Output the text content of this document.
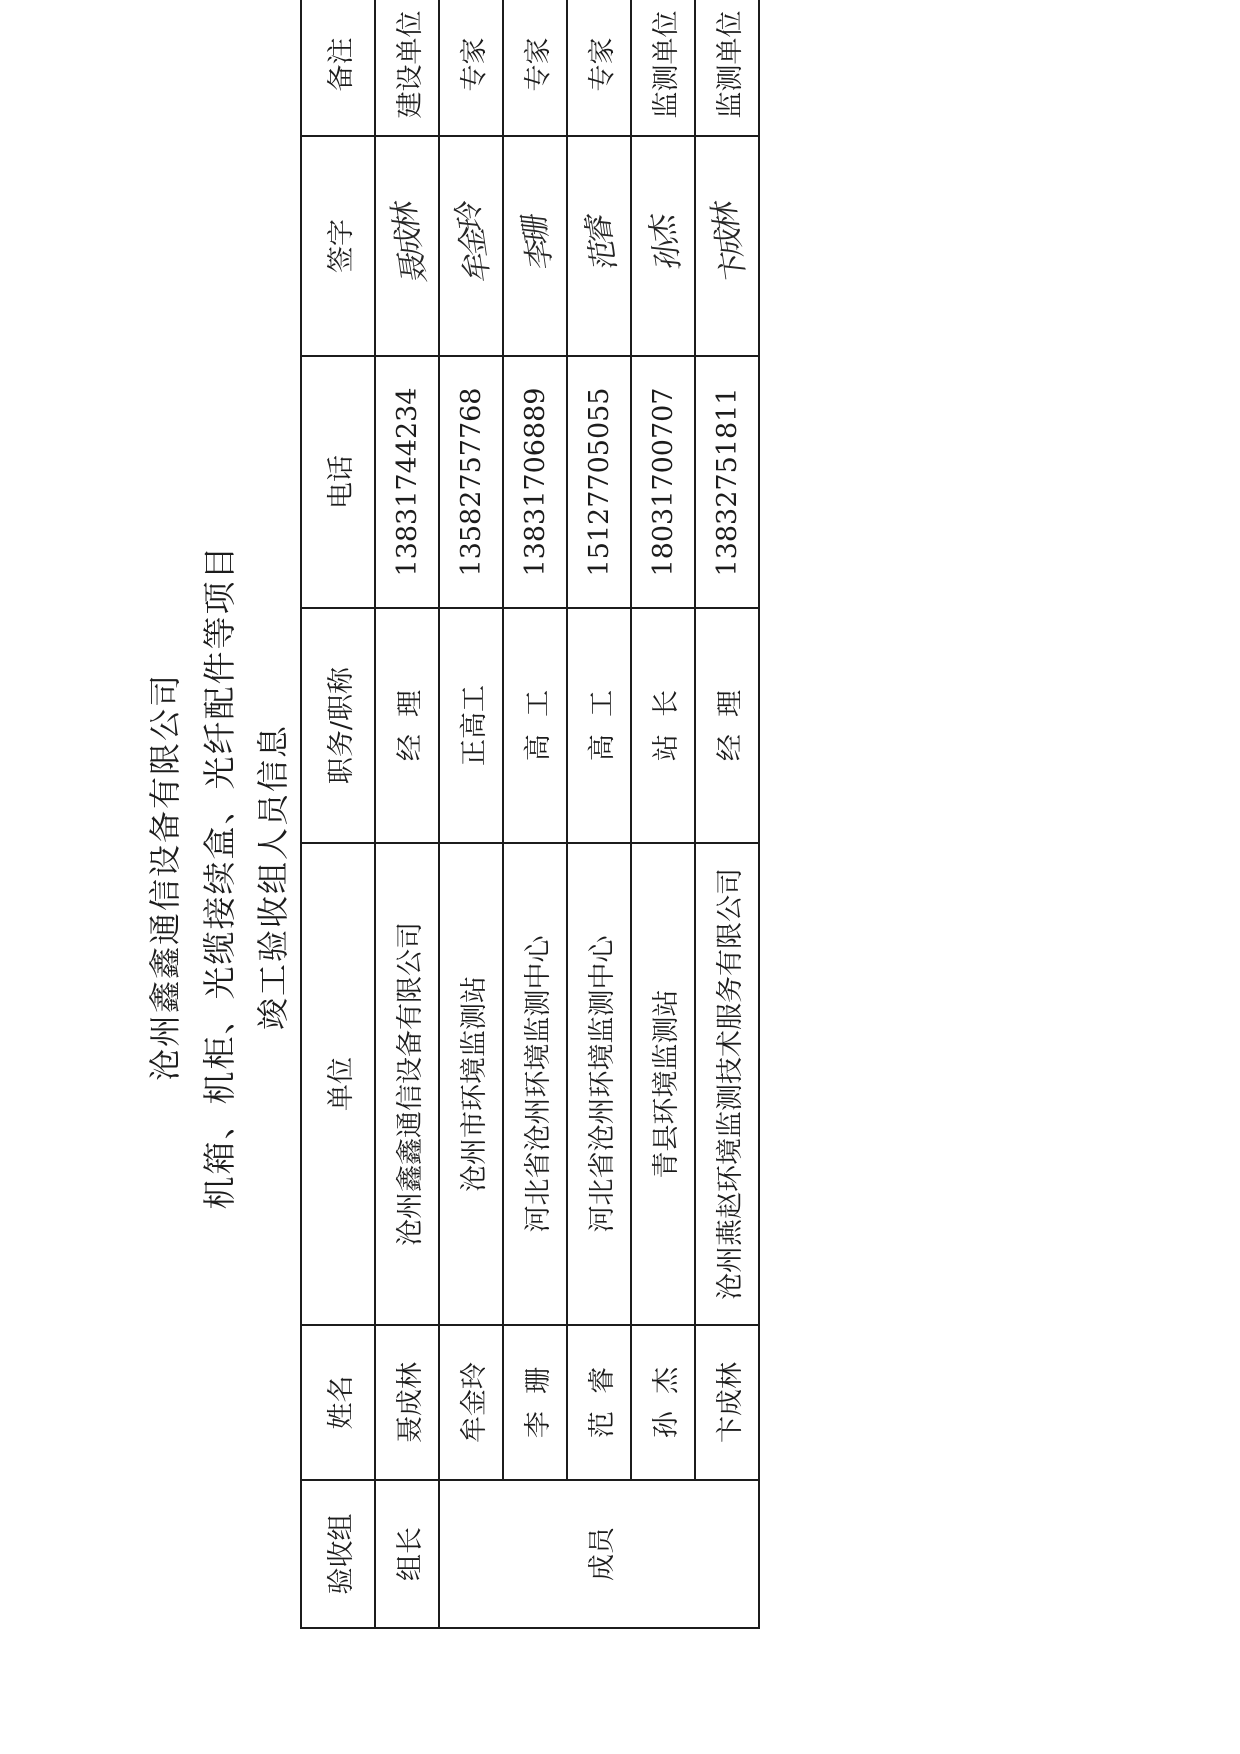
沧州鑫鑫通信设备有限公司 机箱、机柜、光缆接续盒、光纤配件等项目 竣工验收组人员信息
验收组	姓名	单位	职务/职称	电话	签字	备注
组长	聂成林	沧州鑫鑫通信设备有限公司	经  理	13831744234	聂成林	建设单位
成员	牟金玲	沧州市环境监测站	正高工	13582757768	牟金玲	专家
	李  珊	河北省沧州环境监测中心	高  工	13831706889	李珊	专家
	范  睿	河北省沧州环境监测中心	高  工	15127705055	范睿	专家
	孙  杰	青县环境监测站	站  长	18031700707	孙杰	监测单位
	卞成林	沧州燕赵环境监测技术服务有限公司	经  理	13832751811	卞成林	监测单位
